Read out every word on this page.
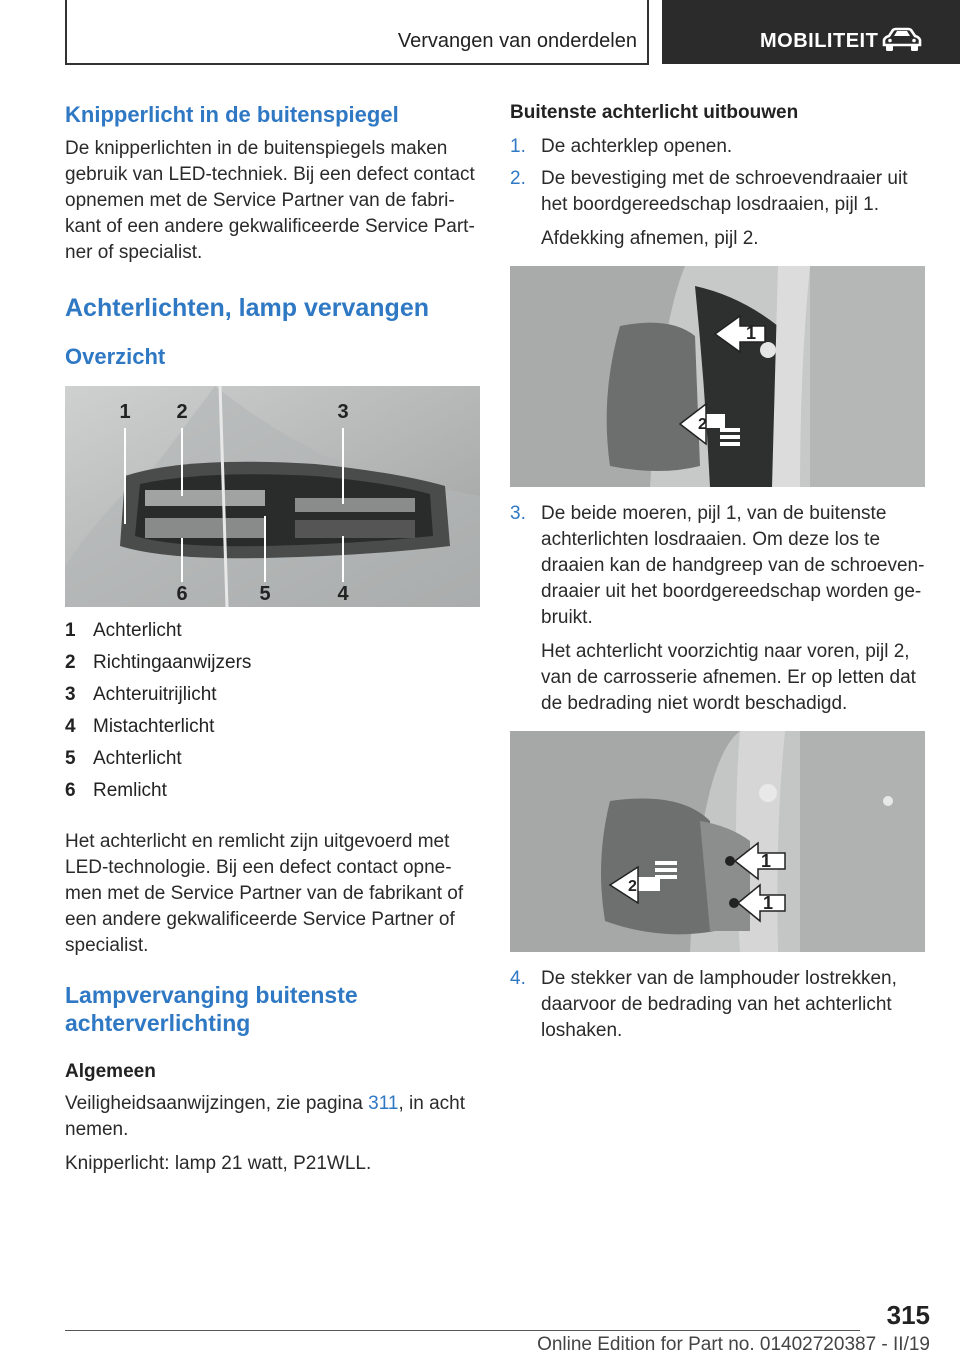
Vervangen van onderdelen	MOBILITEIT
Knipperlicht in de buitenspiegel

De knipperlichten in de buitenspiegels maken gebruik van LED-techniek. Bij een defect contact opnemen met de Service Partner van de fabri-kant of een andere gekwalificeerde Service Part-ner of specialist.

Achterlichten, lamp vervangen
Overzicht
1 2	3
4
5
6
1 Achterlicht
2 Richtingaanwijzers
3 Achteruitrijlicht
4 Mistachterlicht
5 Achterlicht
6 Remlicht

Het achterlicht en remlicht zijn uitgevoerd met LED-technologie. Bij een defect contact opne-men met de Service Partner van de fabrikant of een andere gekwalificeerde Service Partner of specialist.

Lampvervanging buitenste achterverlichting
Algemeen

Veiligheidsaanwijzingen, zie pagina 311, in acht nemen.

Knipperlicht: lamp 21 watt, P21WLL.

Buitenste achterlicht uitbouwen
1. De achterklep openen.

2. De bevestiging met de schroevendraaier uit het boordgereedschap losdraaien, pijl 1.

Afdekking afnemen, pijl 2.

1
2
3. De beide moeren, pijl 1, van de buitenste achterlichten losdraaien. Om deze los te draaien kan de handgreep van de schroeven-draaier uit het boordgereedschap worden ge-bruikt.

Het achterlicht voorzichtig naar voren, pijl 2, van de carrosserie afnemen. Er op letten dat de bedrading niet wordt beschadigd.

1
1
2
4. De stekker van de lamphouder lostrekken, daarvoor de bedrading van het achterlicht loshaken.

315
Online Edition for Part no. 01402720387 - II/19
